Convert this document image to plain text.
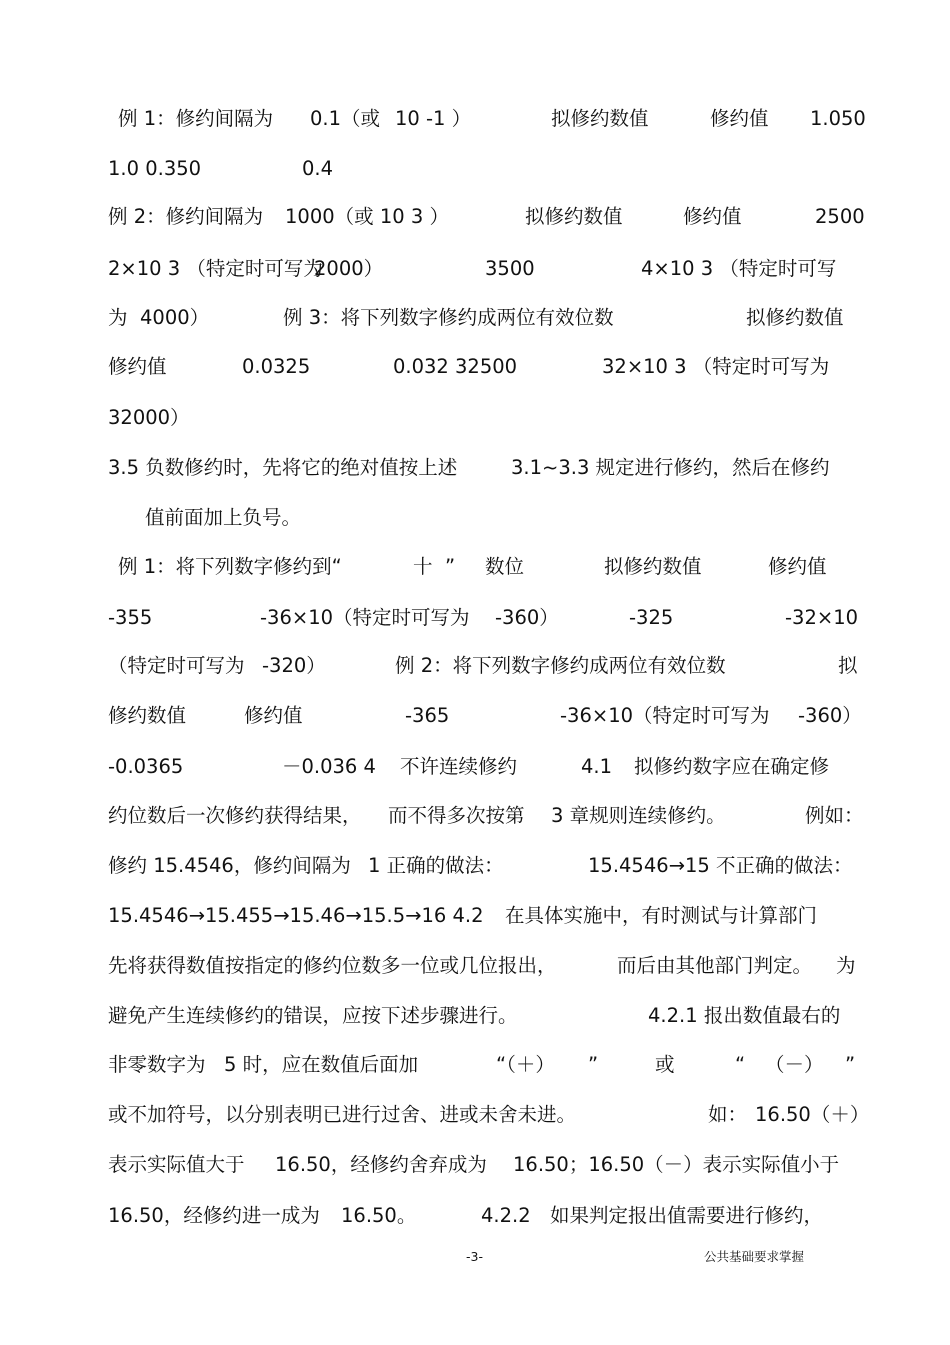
例 1：修约间隔为 0.1（或 10 -1 ）	拟修约数值	修约值 1.050
1.0 0.350	0.4
例 2：修约间隔为 1000（或 10 3 ）	拟修约数值	修约值	2500
2×10 3 （特定时可写为
2000）	3500	4×10 3 （特定时可写
为 4000）	例 3：将下列数字修约成两位有效位数	拟修约数值
修约值	0.0325	0.032 32500	32×10 3 （特定时可写为
32000）
3.5 负数修约时，先将它的绝对值按上述	3.1~3.3 规定进行修约，然后在修约
值前面加上负号。
例 1：将下列数字修约到“	十 ” 数位	拟修约数值	修约值
-355	-36×10（特定时可写为 -360）	-325	-32×10
（特定时可写为 -320）	例 2：将下列数字修约成两位有效位数	拟
修约数值	修约值	-365	-36×10（特定时可写为 -360）
-0.0365	－0.036 4 不许连续修约	4.1 拟修约数字应在确定修
约位数后一次修约获得结果， 而不得多次按第 3 章规则连续修约。	例如：
修约 15.4546，修约间隔为 1 正确的做法：	15.4546→15 不正确的做法：
15.4546→15.455→15.46→15.5→16 4.2 在具体实施中，有时测试与计算部门
先将获得数值按指定的修约位数多一位或几位报出，	而后由其他部门判定。 为
避免产生连续修约的错误，应按下述步骤进行。	4.2.1 报出数值最右的
非零数字为 5 时，应在数值后面加	“（＋） ”	或	“ （－） ”
或不加符号，以分别表明已进行过舍、进或未舍未进。	如： 16.50（＋）
表示实际值大于 16.50，经修约舍弃成为 16.50；16.50（－）表示实际值小于
16.50，经修约进一成为 16.50。	4.2.2 如果判定报出值需要进行修约，
-3-	公共基础要求掌握
